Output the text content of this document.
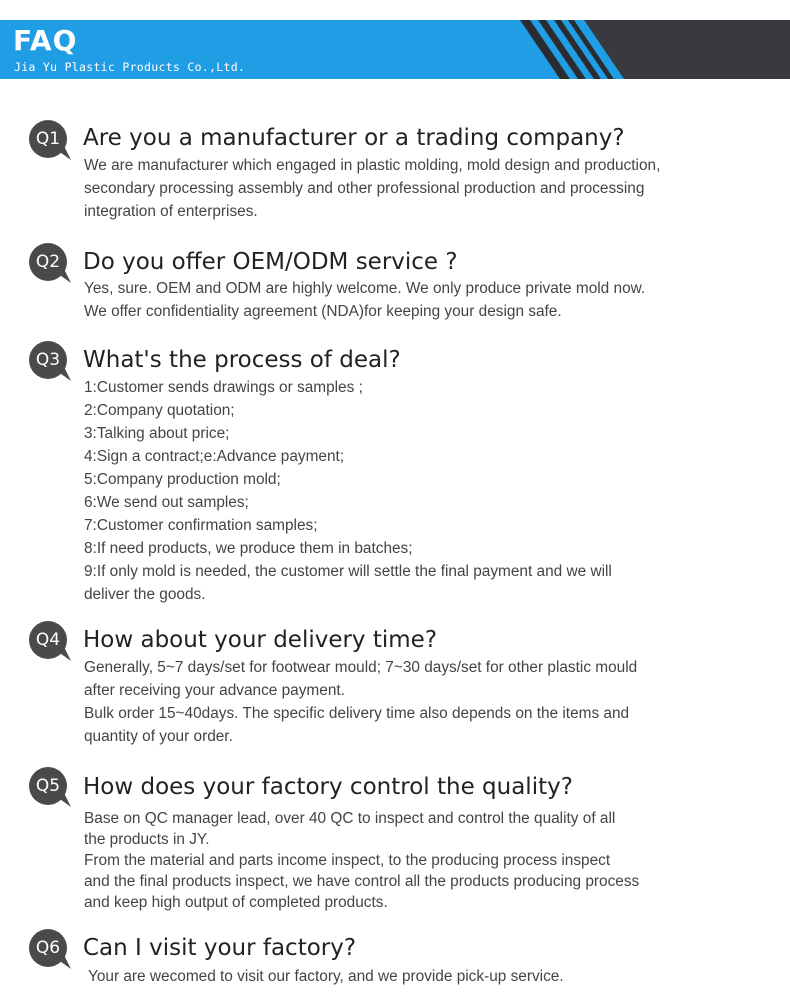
FAQ
Jia Yu Plastic Products Co.,Ltd.
Q1 Are you a manufacturer or a trading company?
We are manufacturer which engaged in plastic molding, mold design and production,
secondary processing assembly and other professional production and processing
integration of enterprises.
Q2 Do you offer OEM/ODM service ?
Yes, sure. OEM and ODM are highly welcome. We only produce private mold now.
We offer confidentiality agreement (NDA)for keeping your design safe.
Q3 What's the process of deal?
1:Customer sends drawings or samples ;
2:Company quotation;
3:Talking about price;
4:Sign a contract;e:Advance payment;
5:Company production mold;
6:We send out samples;
7:Customer confirmation samples;
8:If need products, we produce them in batches;
9:If only mold is needed, the customer will settle the final payment and we will
deliver the goods.
Q4 How about your delivery time?
Generally, 5~7 days/set for footwear mould; 7~30 days/set for other plastic mould
after receiving your advance payment.
Bulk order 15~40days. The specific delivery time also depends on the items and
quantity of your order.
Q5 How does your factory control the quality?
Base on QC manager lead, over 40 QC to inspect and control the quality of all
the products in JY.
From the material and parts income inspect, to the producing process inspect
and the final products inspect, we have control all the products producing process
and keep high output of completed products.
Q6 Can I visit your factory?
Your are wecomed to visit our factory, and we provide pick-up service.
